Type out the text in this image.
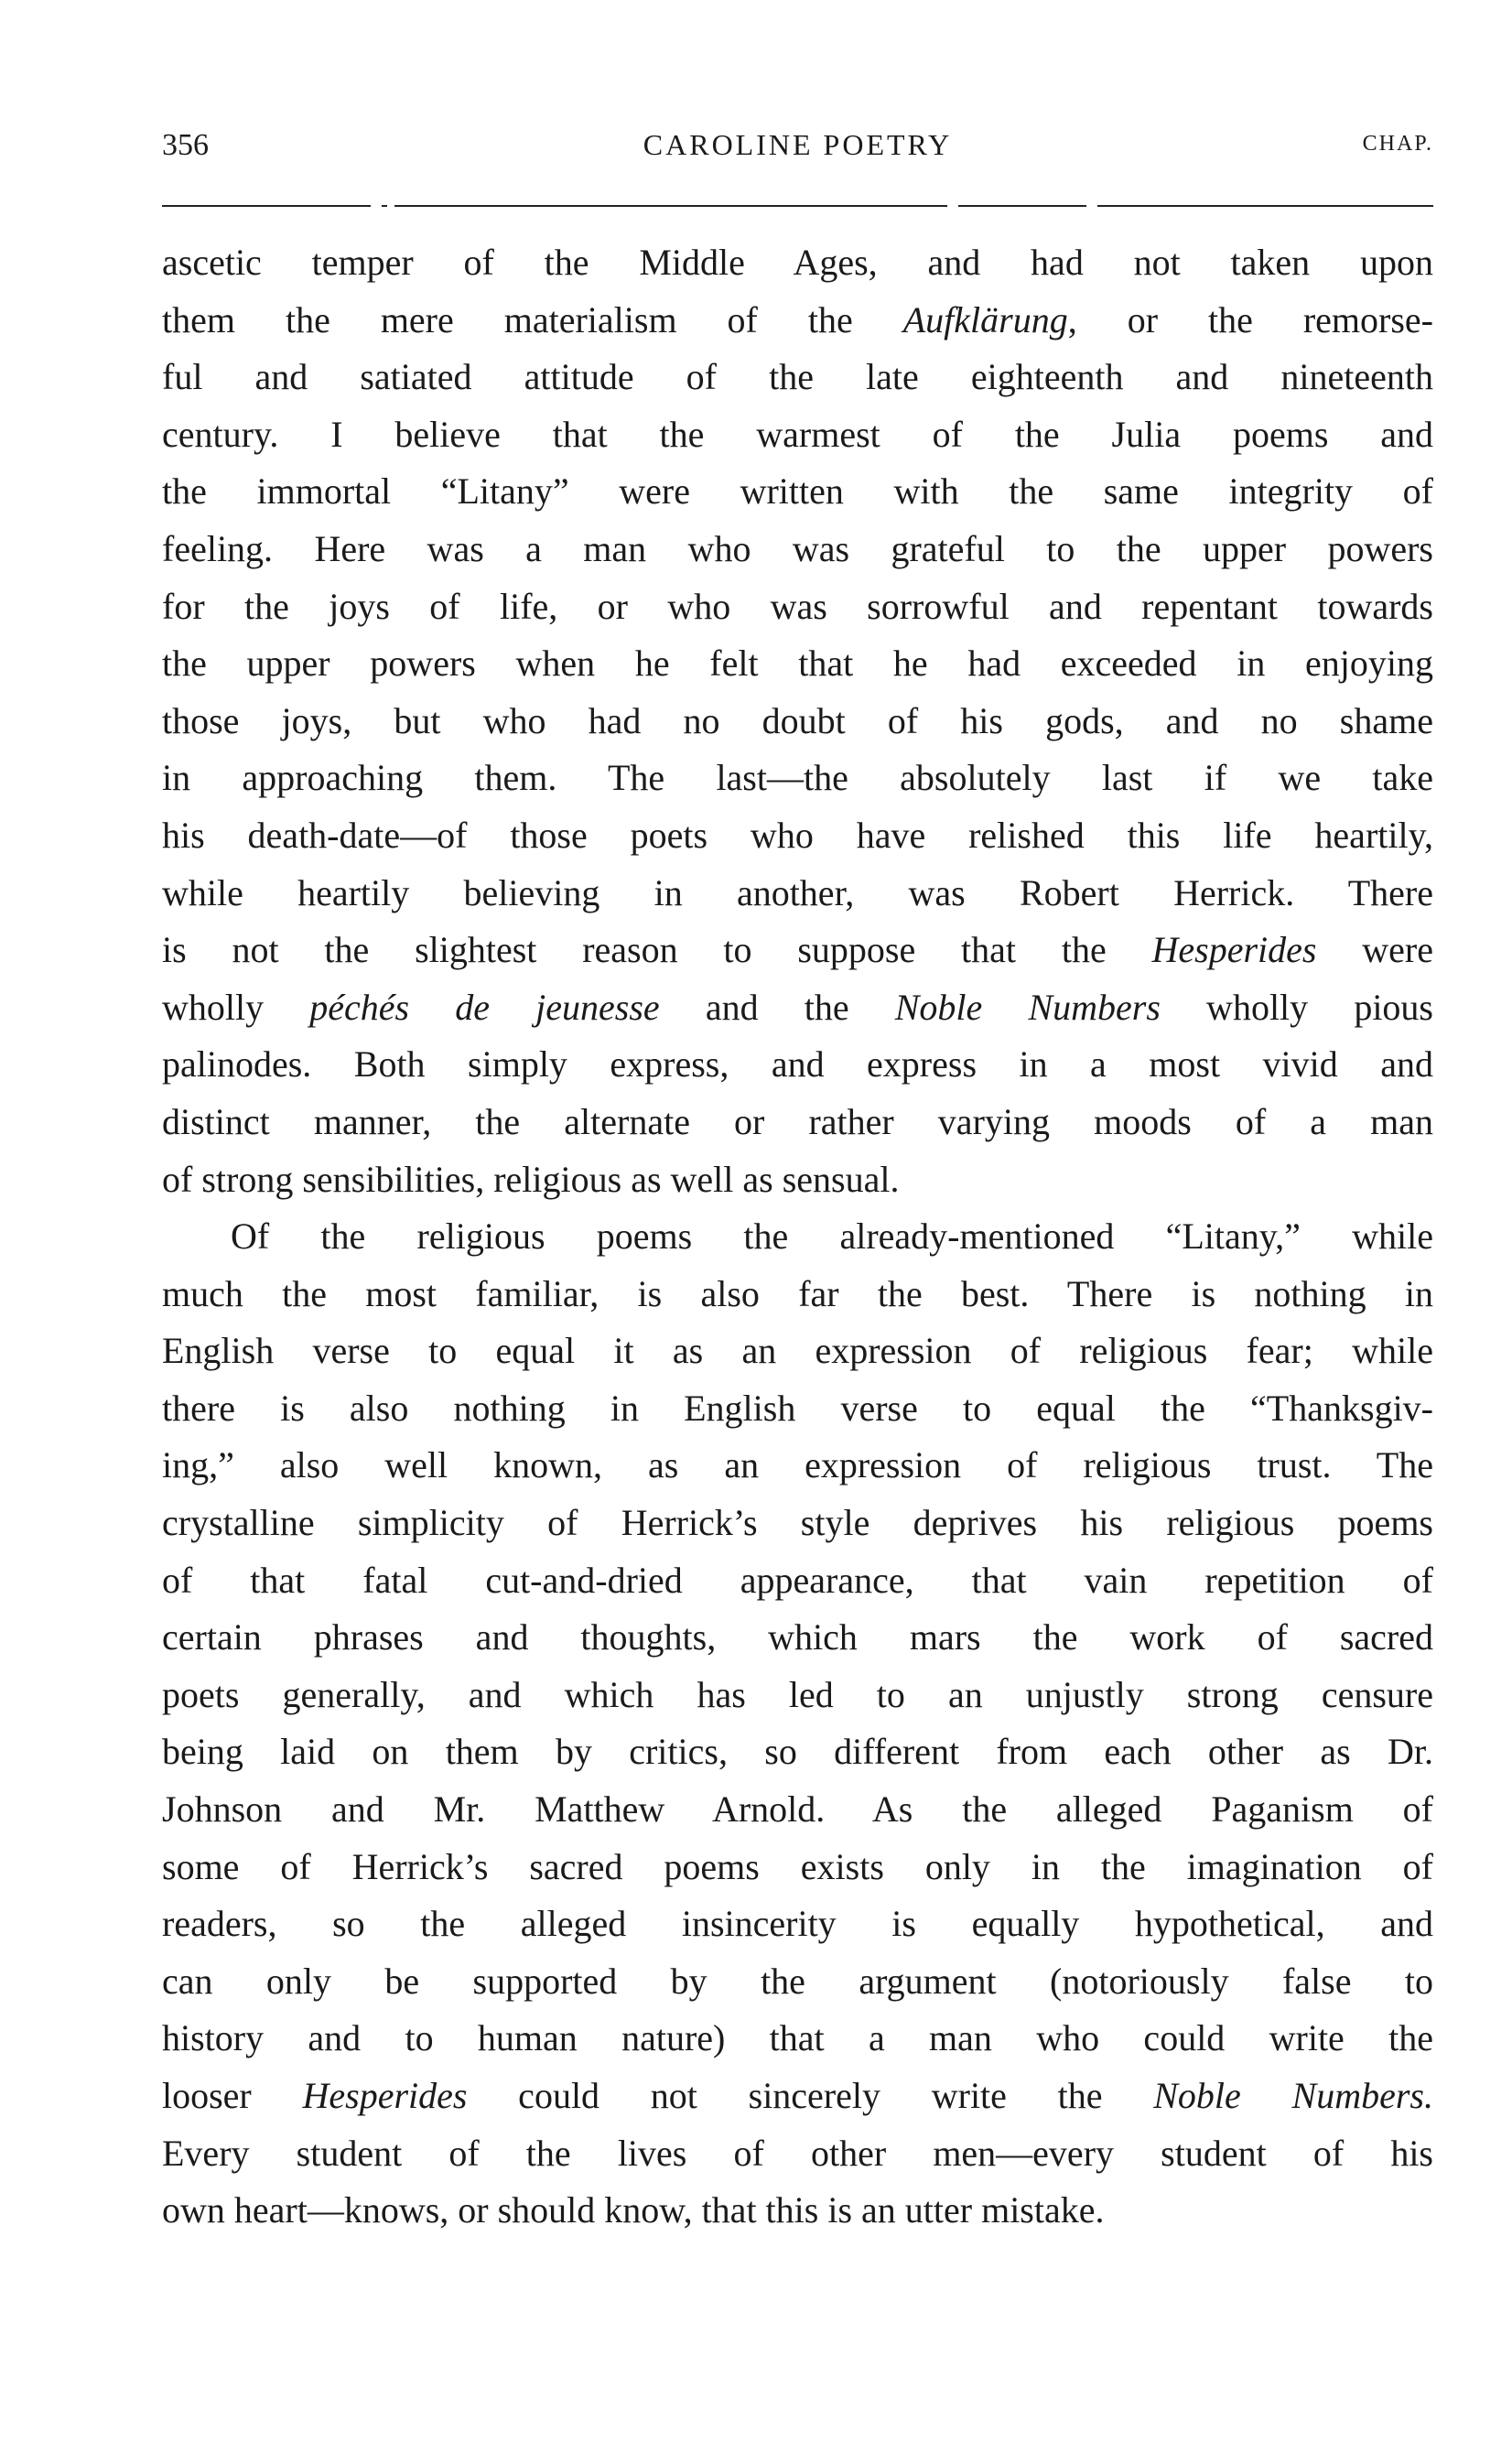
356	CAROLINE POETRY	CHAP.
ascetic temper of the Middle Ages, and had not taken upon
them the mere materialism of the Aufklärung, or the remorse-
ful and satiated attitude of the late eighteenth and nineteenth
century. I believe that the warmest of the Julia poems and
the immortal “Litany” were written with the same integrity of
feeling. Here was a man who was grateful to the upper powers
for the joys of life, or who was sorrowful and repentant towards
the upper powers when he felt that he had exceeded in enjoying
those joys, but who had no doubt of his gods, and no shame
in approaching them. The last—the absolutely last if we take
his death-date—of those poets who have relished this life heartily,
while heartily believing in another, was Robert Herrick. There
is not the slightest reason to suppose that the Hesperides were
wholly péchés de jeunesse and the Noble Numbers wholly pious
palinodes. Both simply express, and express in a most vivid and
distinct manner, the alternate or rather varying moods of a man
of strong sensibilities, religious as well as sensual.
Of the religious poems the already-mentioned “Litany,” while
much the most familiar, is also far the best. There is nothing in
English verse to equal it as an expression of religious fear; while
there is also nothing in English verse to equal the “Thanksgiv-
ing,” also well known, as an expression of religious trust. The
crystalline simplicity of Herrick’s style deprives his religious poems
of that fatal cut-and-dried appearance, that vain repetition of
certain phrases and thoughts, which mars the work of sacred
poets generally, and which has led to an unjustly strong censure
being laid on them by critics, so different from each other as Dr.
Johnson and Mr. Matthew Arnold. As the alleged Paganism of
some of Herrick’s sacred poems exists only in the imagination of
readers, so the alleged insincerity is equally hypothetical, and
can only be supported by the argument (notoriously false to
history and to human nature) that a man who could write the
looser Hesperides could not sincerely write the Noble Numbers.
Every student of the lives of other men—every student of his
own heart—knows, or should know, that this is an utter mistake.
